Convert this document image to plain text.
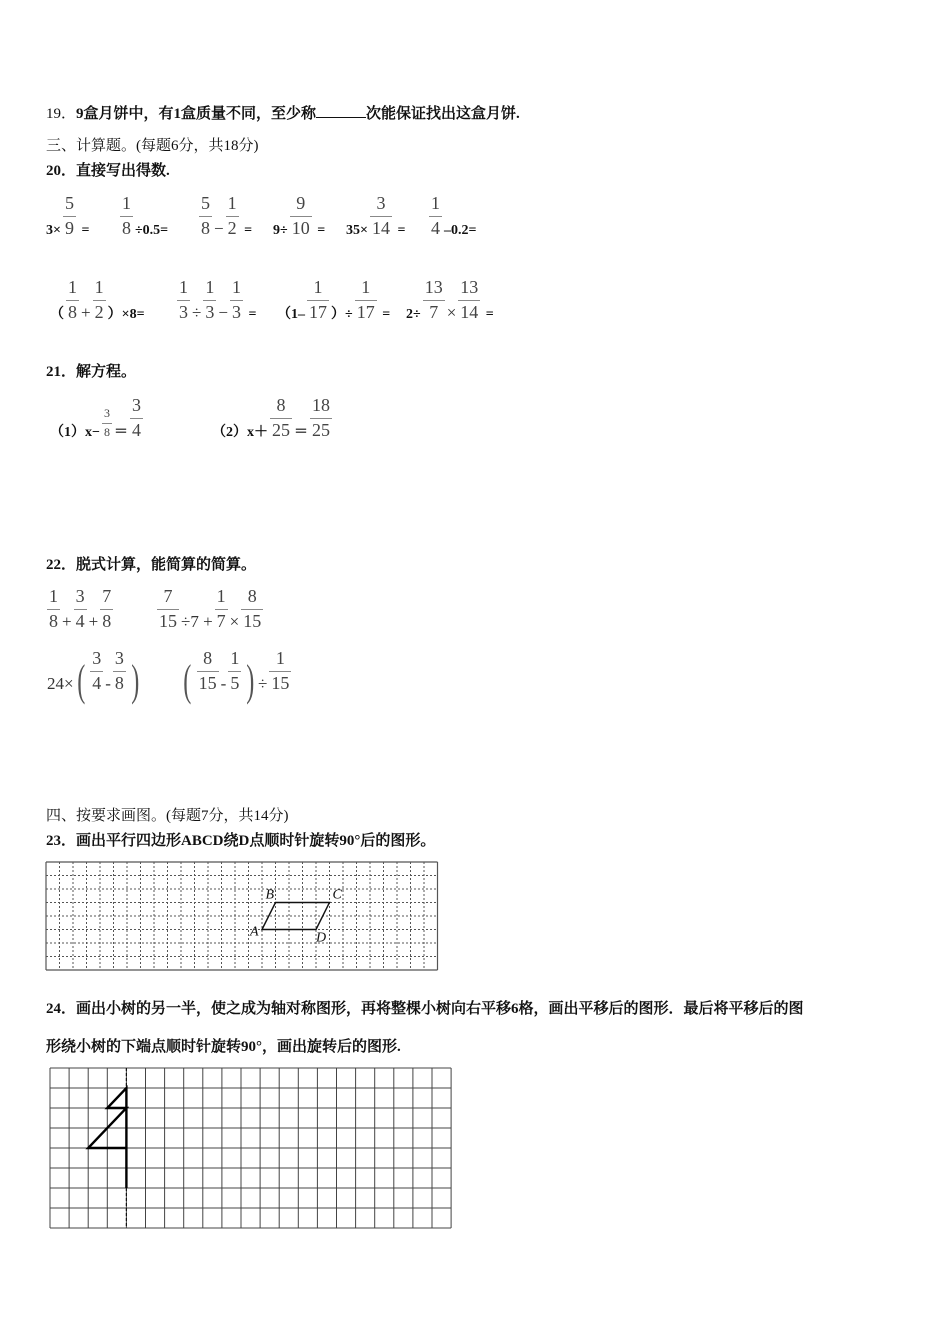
19．9盒月饼中，有1盒质量不同，至少称	次能保证找出这盒月饼.
三、计算题。(每题6分，共18分)
20．直接写出得数.
$3\times \frac{5}{9} = \frac{1}{8} \div 0.5= \frac{5}{8} - \frac{1}{2} = 9\div \frac{9}{10} = 35\times \frac{3}{14} = \frac{1}{4} -0.2=$
（ $\frac{1}{8} + \frac{1}{2} )\times 8= \frac{1}{3} \div \frac{1}{3} - \frac{1}{3} = (1- \frac{1}{17}$ ）÷ $\frac{1}{17} = 2\div \frac{13}{7} \times \frac{13}{14}$ =
21．解方程。
$(1)x- \frac{3}{8} = \frac{3}{4}$	$(2)x+ \frac{8}{25} = \frac{18}{25}$
22．脱式计算，能简算的简算。
$\frac{1}{8} + \frac{3}{4} + \frac{7}{8} \frac{7}{15} \div 7 + \frac{1}{7} \times \frac{8}{15}$
$24\times( \frac{3}{4} - \frac{3}{8}$ ) ( $\frac{8}{15} - \frac{1}{5}$ ) ÷ $\frac{1}{15}$
四、按要求画图。(每题7分，共14分)
23．画出平行四边形ABCD绕D点顺时针旋转90°后的图形。
A
B	C
D
24．画出小树的另一半，使之成为轴对称图形，再将整棵小树向右平移6格，画出平移后的图形．最后将平移后的图
形绕小树的下端点顺时针旋转90°，画出旋转后的图形.
